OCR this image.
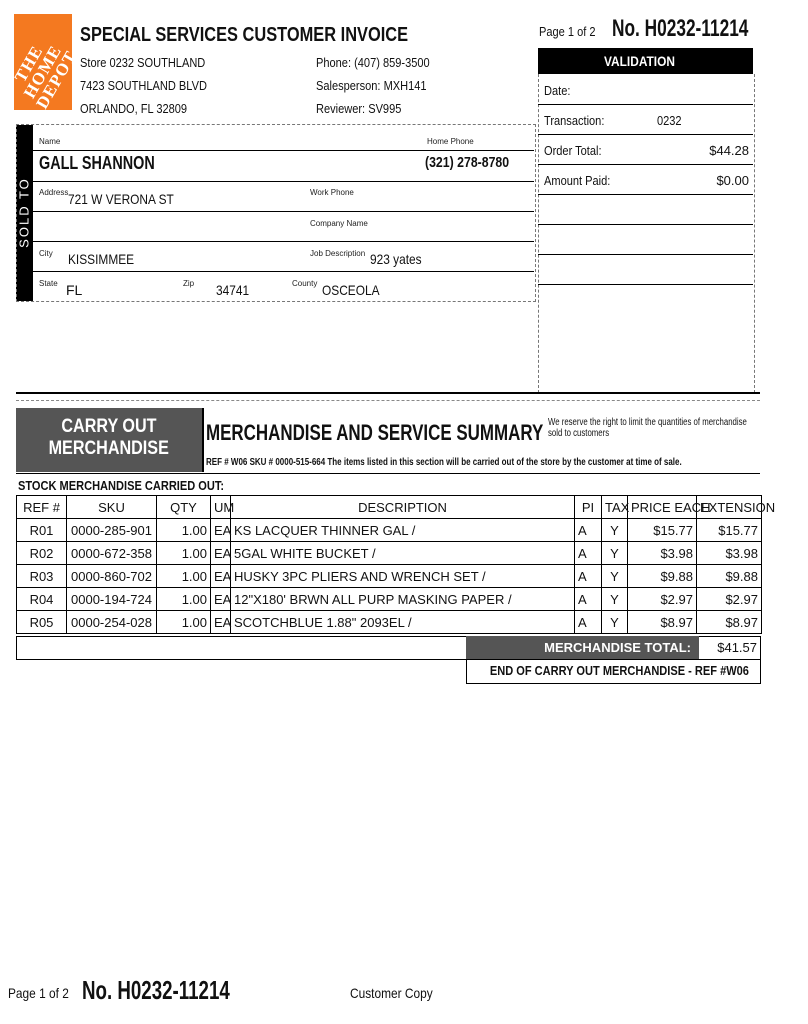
THE HOME DEPOT
SPECIAL SERVICES CUSTOMER INVOICE
Store 0232 SOUTHLAND
7423 SOUTHLAND BLVD
ORLANDO, FL 32809
Phone: (407) 859-3500
Salesperson: MXH141
Reviewer: SV995
Page 1 of 2 No. H0232-11214
VALIDATION
Date:
Transaction:	0232
Order Total:	$44.28
Amount Paid:	$0.00
SOLD TO
Name
GALL SHANNON
Home Phone
(321) 278-8780
Address 721 W VERONA ST	Work Phone
Company Name
City KISSIMMEE	Job Description 923 yates
State FL	Zip 34741	County OSCEOLA
CARRY OUT
MERCHANDISE
MERCHANDISE AND SERVICE SUMMARY We reserve the right to limit the quantities of merchandise sold to customers
REF # W06 SKU # 0000-515-664 The items listed in this section will be carried out of the store by the customer at time of sale.
STOCK MERCHANDISE CARRIED OUT:
REF #	SKU	QTY	UM	DESCRIPTION	PI	TAX	PRICE EACH	EXTENSION
R01	0000-285-901	1.00	EA	KS LACQUER THINNER GAL /	A	Y	$15.77	$15.77
R02	0000-672-358	1.00	EA	5GAL WHITE BUCKET /	A	Y	$3.98	$3.98
R03	0000-860-702	1.00	EA	HUSKY 3PC PLIERS AND WRENCH SET /	A	Y	$9.88	$9.88
R04	0000-194-724	1.00	EA	12"X180' BRWN ALL PURP MASKING PAPER /	A	Y	$2.97	$2.97
R05	0000-254-028	1.00	EA	SCOTCHBLUE 1.88" 2093EL /	A	Y	$8.97	$8.97
MERCHANDISE TOTAL:	$41.57
END OF CARRY OUT MERCHANDISE - REF #W06
Page 1 of 2 No. H0232-11214	Customer Copy
